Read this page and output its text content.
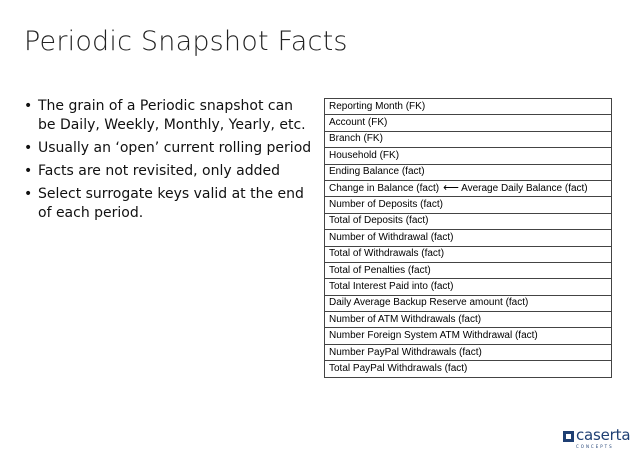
Periodic Snapshot Facts
• The grain of a Periodic snapshot can be Daily, Weekly, Monthly, Yearly, etc.
• Usually an ‘open’ current rolling period
• Facts are not revisited, only added
• Select surrogate keys valid at the end of each period.
Reporting Month (FK)
Account (FK)
Branch (FK)
Household (FK)
Ending Balance (fact)
Change in Balance (fact) ⟵ Average Daily Balance (fact)
Number of Deposits (fact)
Total of Deposits (fact)
Number of Withdrawal (fact)
Total of Withdrawals (fact)
Total of Penalties (fact)
Total Interest Paid into (fact)
Daily Average Backup Reserve amount (fact)
Number of ATM Withdrawals (fact)
Number Foreign System ATM Withdrawal (fact)
Number PayPal Withdrawals (fact)
Total PayPal Withdrawals (fact)
caserta
CONCEPTS
